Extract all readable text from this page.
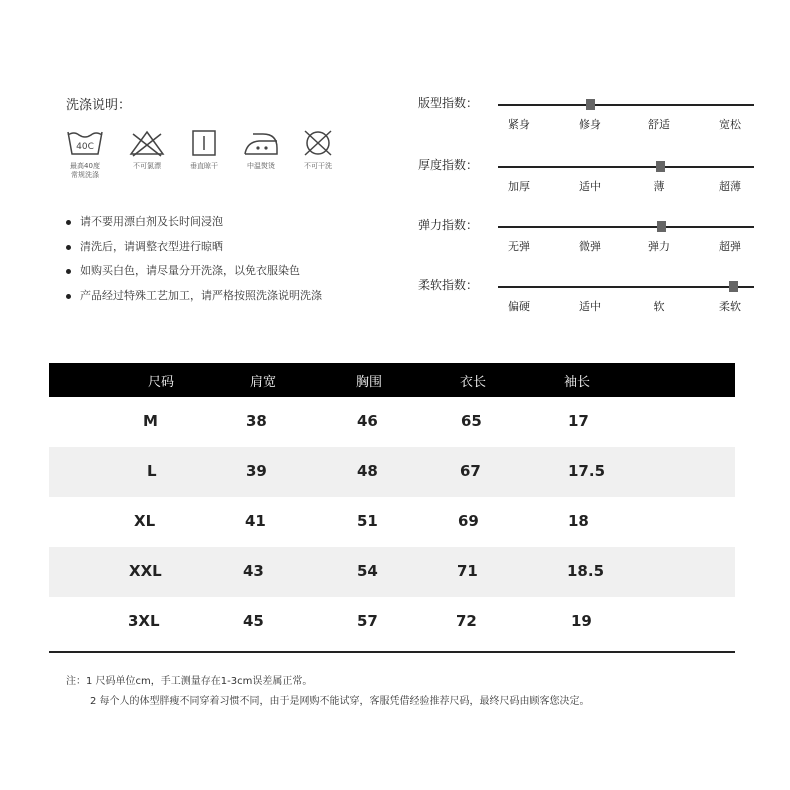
洗涤说明：
40C
最高40度
常规洗涤
不可氯漂	垂直晾干	中温熨烫	不可干洗
请不要用漂白剂及长时间浸泡
清洗后，请调整衣型进行晾晒
如购买白色，请尽量分开洗涤，以免衣服染色
产品经过特殊工艺加工，请严格按照洗涤说明洗涤
版型指数：
紧身	修身	舒适	宽松
厚度指数：
加厚	适中	薄	超薄
弹力指数：
无弹	微弹	弹力	超弹
柔软指数：
偏硬	适中	软	柔软
尺码	肩宽	胸围	衣长	袖长
M	38	46	65	17
L	39	48	67	17.5
XL	41	51	69	18
XXL	43	54	71	18.5
3XL	45	57	72	19
注：1 尺码单位cm，手工测量存在1-3cm误差属正常。
2 每个人的体型胖瘦不同穿着习惯不同，由于是网购不能试穿，客服凭借经验推荐尺码，最终尺码由顾客您决定。
